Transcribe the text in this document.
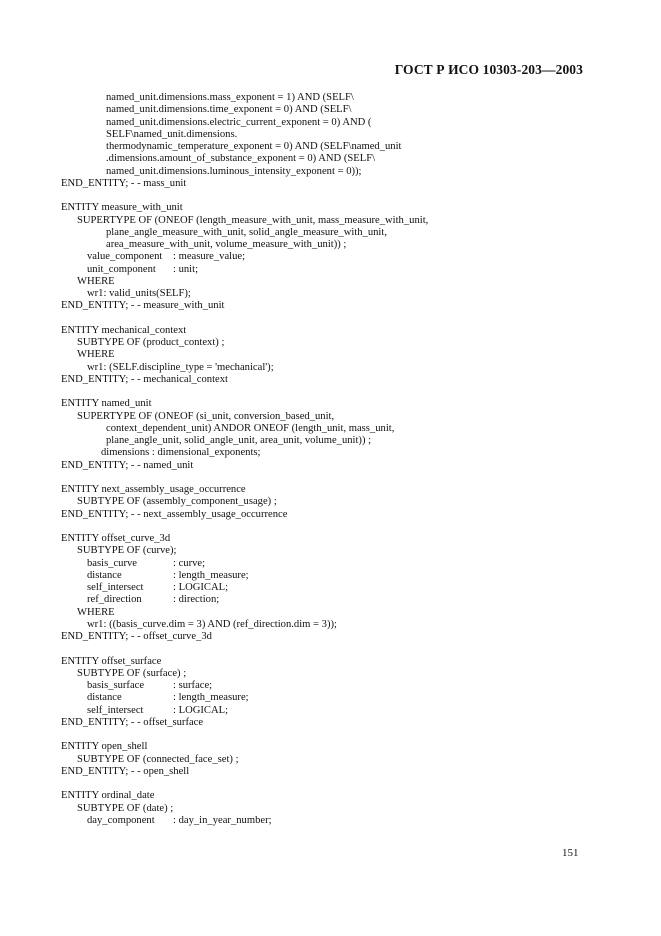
ГОСТ Р ИСО 10303-203—2003
named_unit.dimensions.mass_exponent = 1) AND (SELF\
named_unit.dimensions.time_exponent = 0) AND (SELF\
named_unit.dimensions.electric_current_exponent = 0) AND (
SELF\named_unit.dimensions.
thermodynamic_temperature_exponent = 0) AND (SELF\named_unit
.dimensions.amount_of_substance_exponent = 0) AND (SELF\
named_unit.dimensions.luminous_intensity_exponent = 0));
END_ENTITY; - - mass_unit
ENTITY measure_with_unit
SUPERTYPE OF (ONEOF (length_measure_with_unit, mass_measure_with_unit,
plane_angle_measure_with_unit, solid_angle_measure_with_unit,
area_measure_with_unit, volume_measure_with_unit)) ;
value_component : measure_value;
unit_component : unit;
WHERE
wr1: valid_units(SELF);
END_ENTITY; - - measure_with_unit
ENTITY mechanical_context
SUBTYPE OF (product_context) ;
WHERE
wr1: (SELF.discipline_type = 'mechanical');
END_ENTITY; - - mechanical_context
ENTITY named_unit
SUPERTYPE OF (ONEOF (si_unit, conversion_based_unit,
context_dependent_unit) ANDOR ONEOF (length_unit, mass_unit,
plane_angle_unit, solid_angle_unit, area_unit, volume_unit)) ;
dimensions : dimensional_exponents;
END_ENTITY; - - named_unit
ENTITY next_assembly_usage_occurrence
SUBTYPE OF (assembly_component_usage) ;
END_ENTITY; - - next_assembly_usage_occurrence
ENTITY offset_curve_3d
SUBTYPE OF (curve);
basis_curve	: curve;
distance	: length_measure;
self_intersect	: LOGICAL;
ref_direction	: direction;
WHERE
wr1: ((basis_curve.dim = 3) AND (ref_direction.dim = 3));
END_ENTITY; - - offset_curve_3d
ENTITY offset_surface
SUBTYPE OF (surface) ;
basis_surface	: surface;
distance	: length_measure;
self_intersect	: LOGICAL;
END_ENTITY; - - offset_surface
ENTITY open_shell
SUBTYPE OF (connected_face_set) ;
END_ENTITY; - - open_shell
ENTITY ordinal_date
SUBTYPE OF (date) ;
day_component : day_in_year_number;
151
